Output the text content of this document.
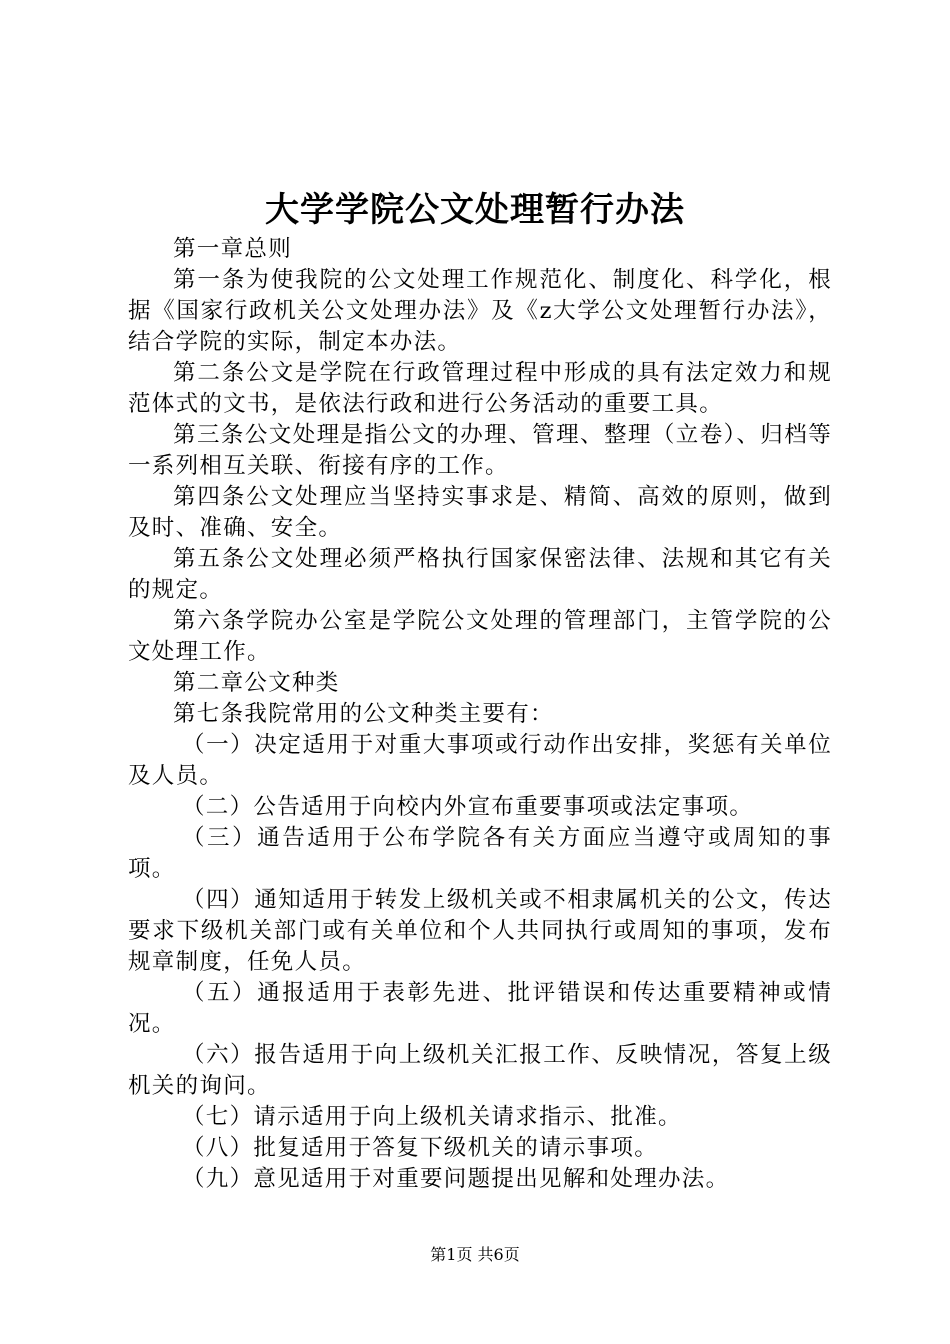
大学学院公文处理暂行办法

第一章总则

第一条为使我院的公文处理工作规范化、制度化、科学化，根据《国家行政机关公文处理办法》及《z大学公文处理暂行办法》，结合学院的实际，制定本办法。

第二条公文是学院在行政管理过程中形成的具有法定效力和规范体式的文书，是依法行政和进行公务活动的重要工具。

第三条公文处理是指公文的办理、管理、整理（立卷）、归档等一系列相互关联、衔接有序的工作。

第四条公文处理应当坚持实事求是、精简、高效的原则，做到及时、准确、安全。

第五条公文处理必须严格执行国家保密法律、法规和其它有关的规定。

第六条学院办公室是学院公文处理的管理部门，主管学院的公文处理工作。

第二章公文种类

第七条我院常用的公文种类主要有：

（一）决定适用于对重大事项或行动作出安排，奖惩有关单位及人员。

（二）公告适用于向校内外宣布重要事项或法定事项。

（三）通告适用于公布学院各有关方面应当遵守或周知的事项。

（四）通知适用于转发上级机关或不相隶属机关的公文，传达要求下级机关部门或有关单位和个人共同执行或周知的事项，发布规章制度，任免人员。

（五）通报适用于表彰先进、批评错误和传达重要精神或情况。

（六）报告适用于向上级机关汇报工作、反映情况，答复上级机关的询问。

（七）请示适用于向上级机关请求指示、批准。

（八）批复适用于答复下级机关的请示事项。

（九）意见适用于对重要问题提出见解和处理办法。

第1页 共6页
